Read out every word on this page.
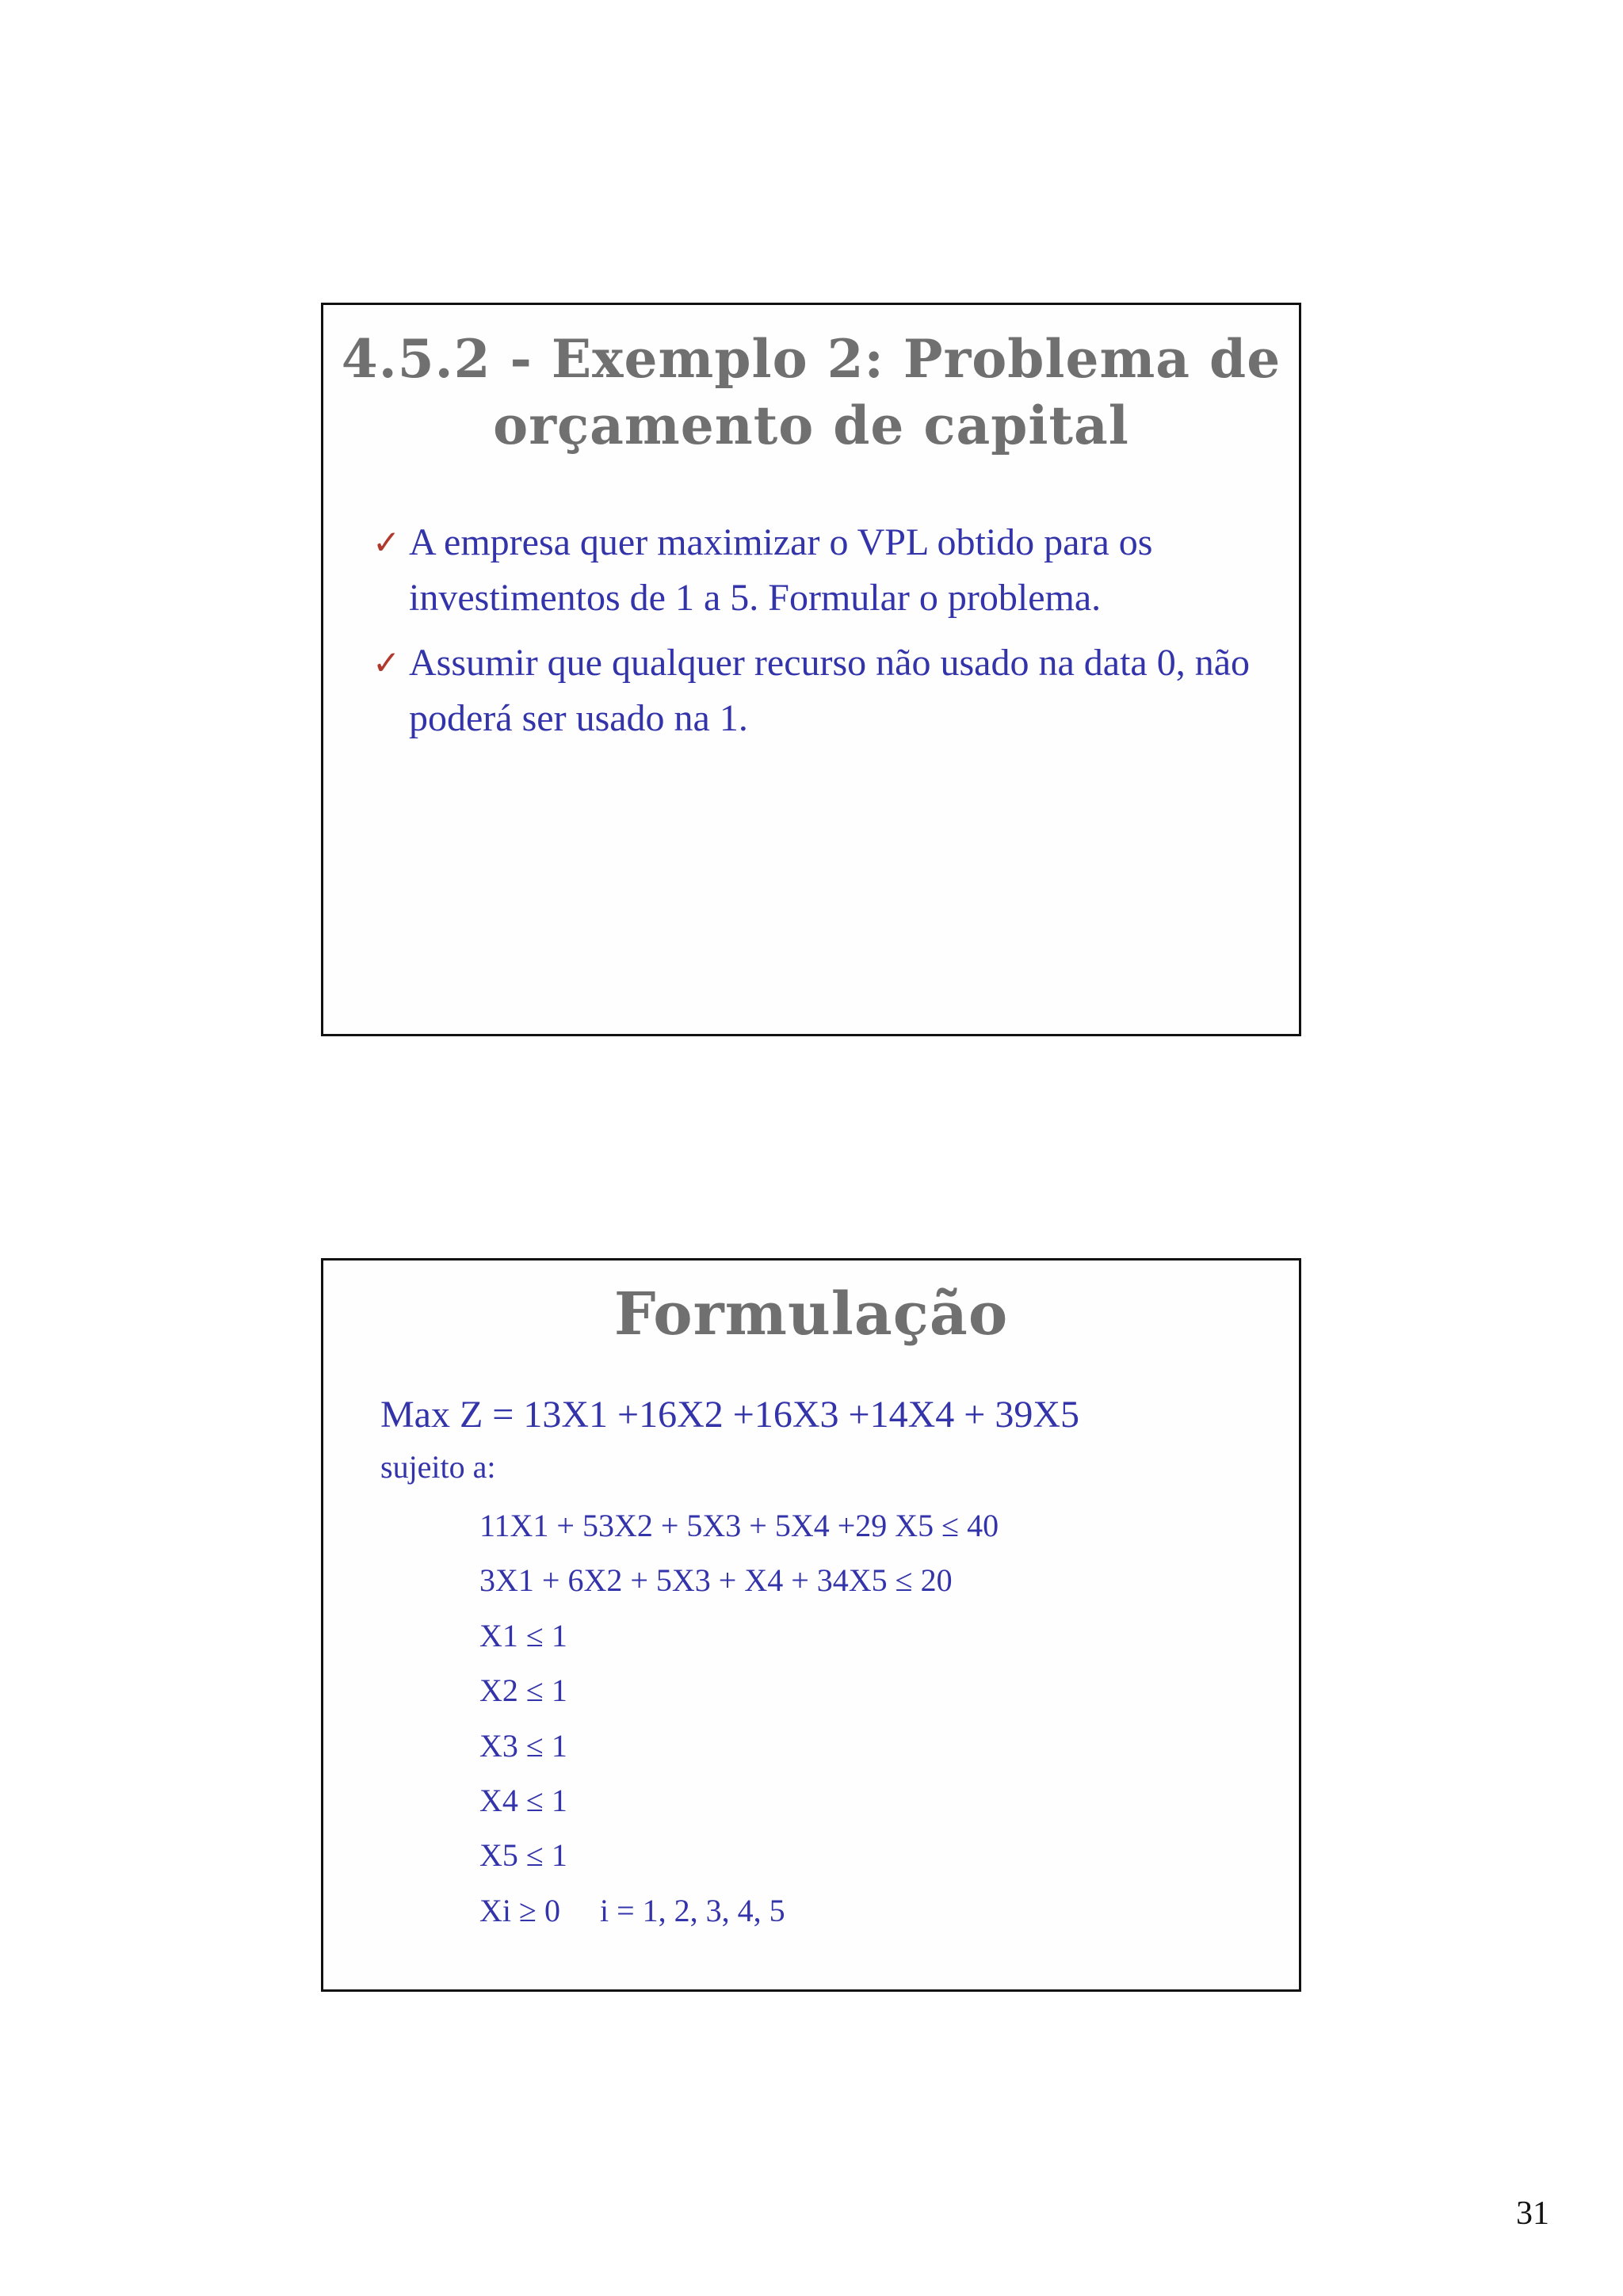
4.5.2 - Exemplo 2: Problema de
orçamento de capital
✓ A empresa quer maximizar o VPL obtido para os investimentos de 1 a 5. Formular o problema.
✓ Assumir que qualquer recurso não usado na data 0, não poderá ser usado na 1.
Formulação
Max Z = 13X1 +16X2 +16X3 +14X4 + 39X5
sujeito a:
11X1 + 53X2 + 5X3 + 5X4 +29 X5 ≤ 40
3X1 + 6X2 + 5X3 + X4 + 34X5 ≤ 20
X1 ≤ 1
X2 ≤ 1
X3 ≤ 1
X4 ≤ 1
X5 ≤ 1
Xi ≥ 0     i = 1, 2, 3, 4, 5
31
